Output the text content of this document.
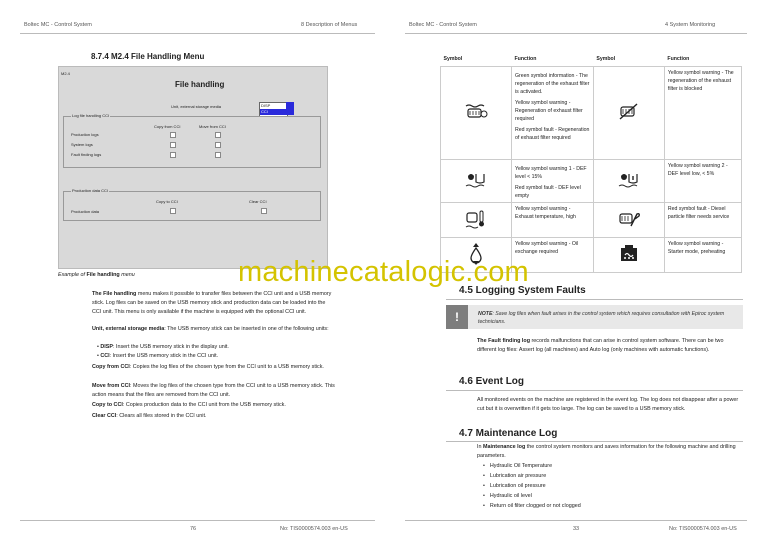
Boltec MC - Control System	8 Description of Menus
8.7.4 M2.4 File Handling Menu
M2.4
File handling
Unit, external storage media	DISP
CCI
Log file handling CCI
Copy from CCI	Move from CCI
Production logs
System logs
Fault finding logs
Production data CCI
Copy to CCI	Clear CCI
Production data
Example of File handling menu
The File handling menu makes it possible to transfer files between the CCI unit and a USB memory stick. Log files can be saved on the USB memory stick and production data can be loaded into the CCI unit. This menu is only available if the machine is equipped with the optional CCI unit.
Unit, external storage media: The USB memory stick can be inserted in one of the following units:
• DISP: Insert the USB memory stick in the display unit.
• CCI: Insert the USB memory stick in the CCI unit.
Copy from CCI: Copies the log files of the chosen type from the CCI unit to a USB memory stick.
Move from CCI: Moves the log files of the chosen type from the CCI unit to a USB memory stick. This action means that the files are removed from the CCI unit.
Copy to CCI: Copies production data to the CCI unit from the USB memory stick.
Clear CCI: Clears all files stored in the CCI unit.
76	No: TIS0000574.003 en-US
Boltec MC - Control System	4 System Monitoring
Symbol	Function	Symbol	Function

Green symbol information - The regeneration of the exhaust filter is activated.
Yellow symbol warning - Regeneration of exhaust filter required
Red symbol fault - Regeneration of exhaust filter required		Yellow symbol warning - The regeneration of the exhaust filter is blocked

Yellow symbol warning 1 - DEF level < 15%
Red symbol fault - DEF level empty		Yellow symbol warning 2 - DEF level low, < 5%
	Yellow symbol warning - Exhaust temperature, high		Red symbol fault - Diesel particle filter needs service
	Yellow symbol warning - Oil exchange required		Yellow symbol warning - Starter mode, preheating
4.5 Logging System Faults
!	NOTE: Save log files when fault arises in the control system which requires consultation with Epiroc system technicians.
The Fault finding log records malfunctions that can arise in control system software. There can be two different log files: Assert log (all machines) and Auto log (only machines with automatic functions).
4.6 Event Log
All monitored events on the machine are registered in the event log. The log does not disappear after a power cut but it is overwritten if it gets too large. The log can be saved to a USB memory stick.
4.7 Maintenance Log
In Maintenance log the control system monitors and saves information for the following machine and drilling parameters.
• Hydraulic Oil Temperature
• Lubrication air pressure
• Lubrication oil pressure
• Hydraulic oil level
• Return oil filter clogged or not clogged
33	No: TIS0000574.003 en-US
machinecatalogic.com
